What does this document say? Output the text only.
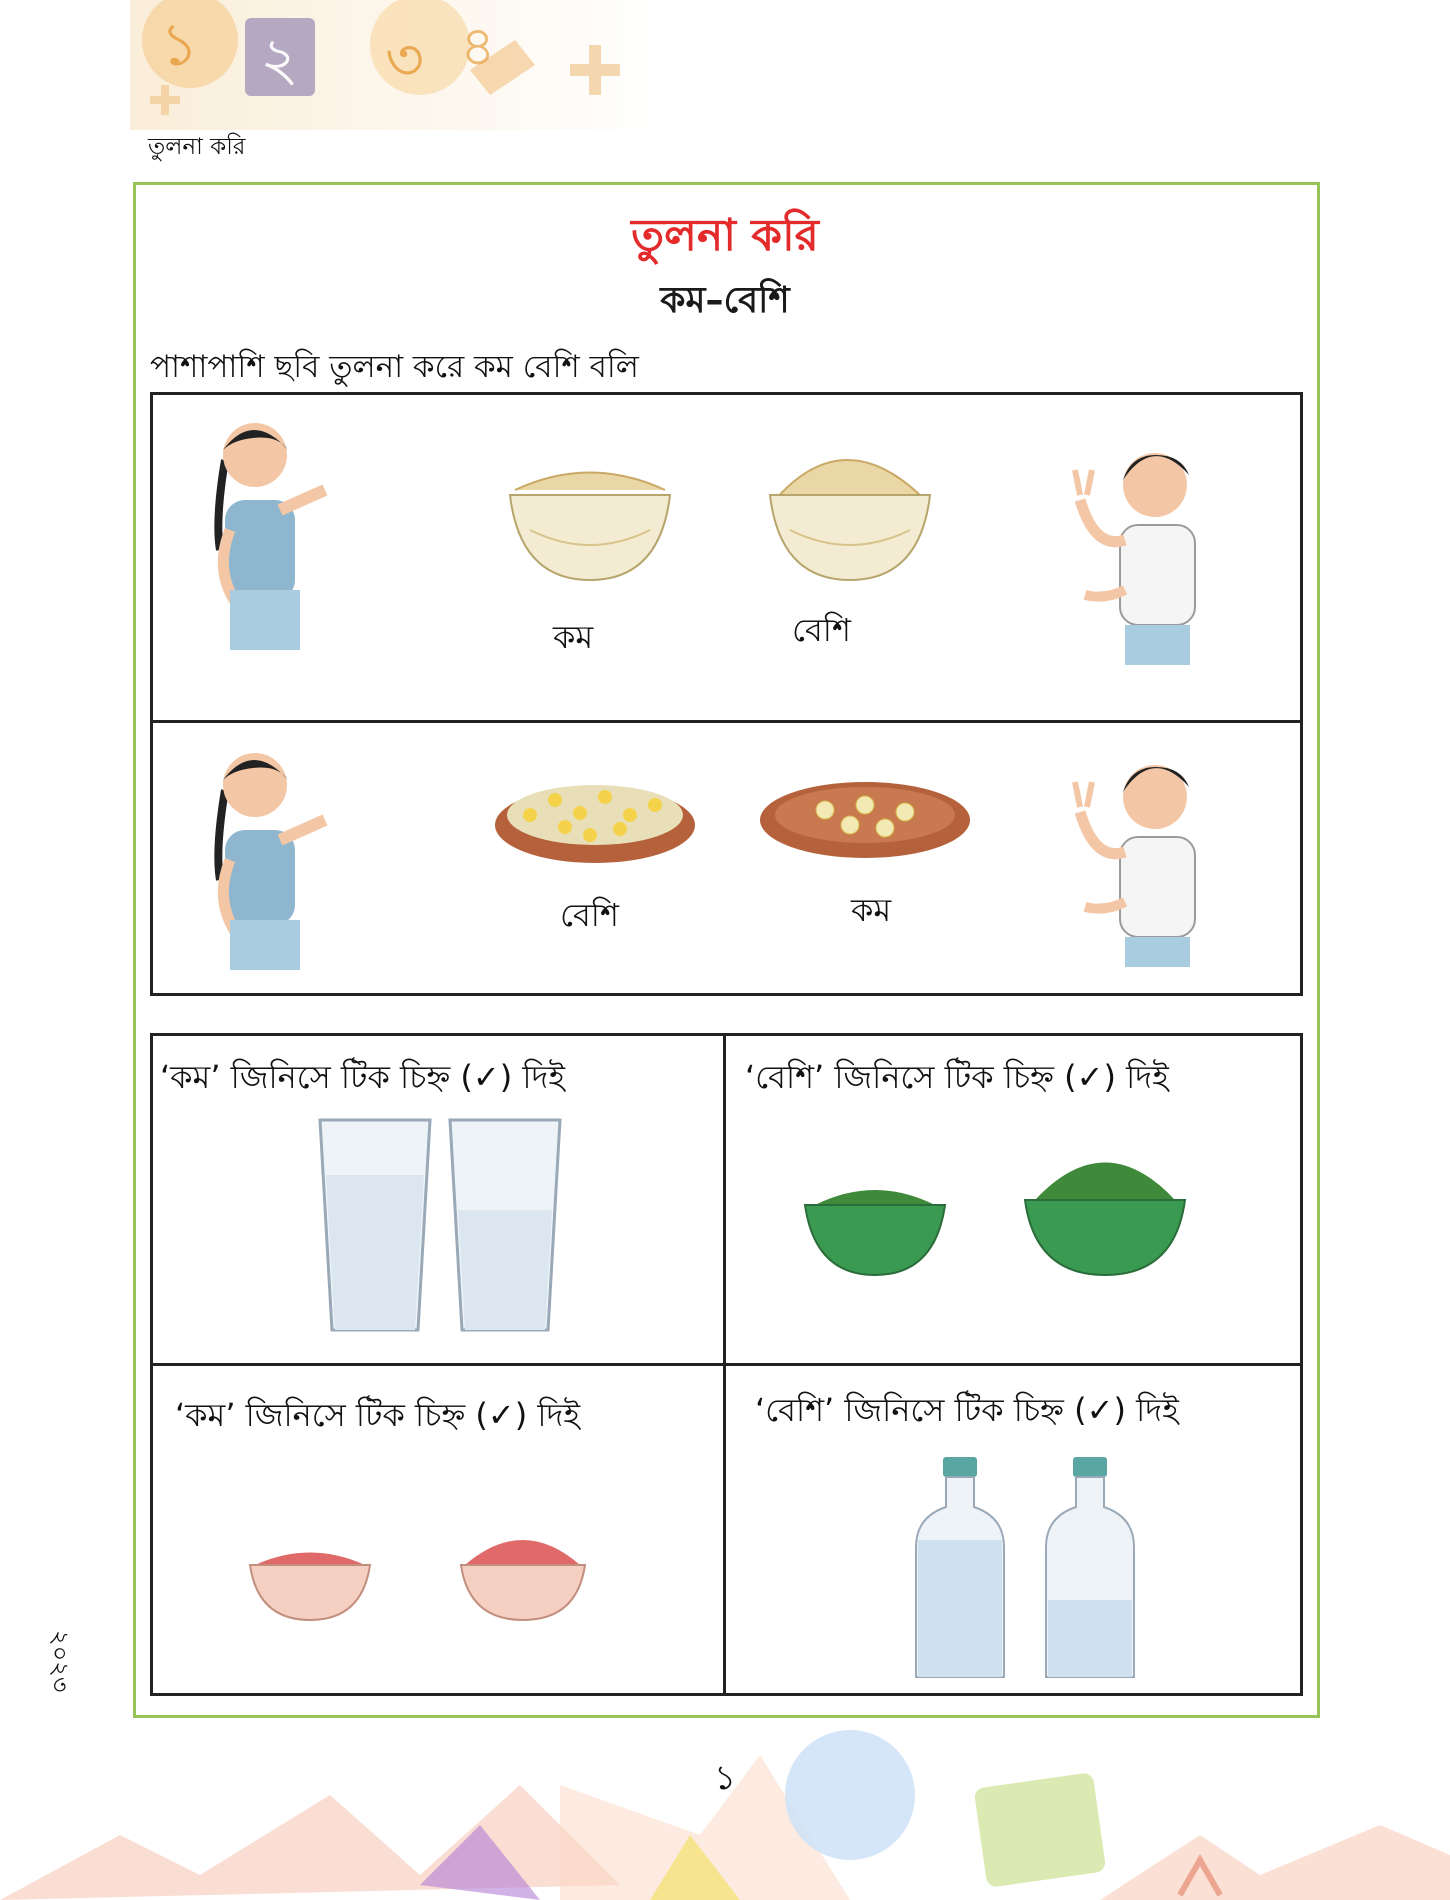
১ ২ ৩ ৪
তুলনা করি
তুলনা করি
কম–বেশি
পাশাপাশি ছবি তুলনা করে কম বেশি বলি
কম	বেশি
বেশি	কম
‘কম’ জিনিসে টিক চিহ্ন (✓) দিই	‘বেশি’ জিনিসে টিক চিহ্ন (✓) দিই
‘কম’ জিনিসে টিক চিহ্ন (✓) দিই	‘বেশি’ জিনিসে টিক চিহ্ন (✓) দিই
২০২৩
১
